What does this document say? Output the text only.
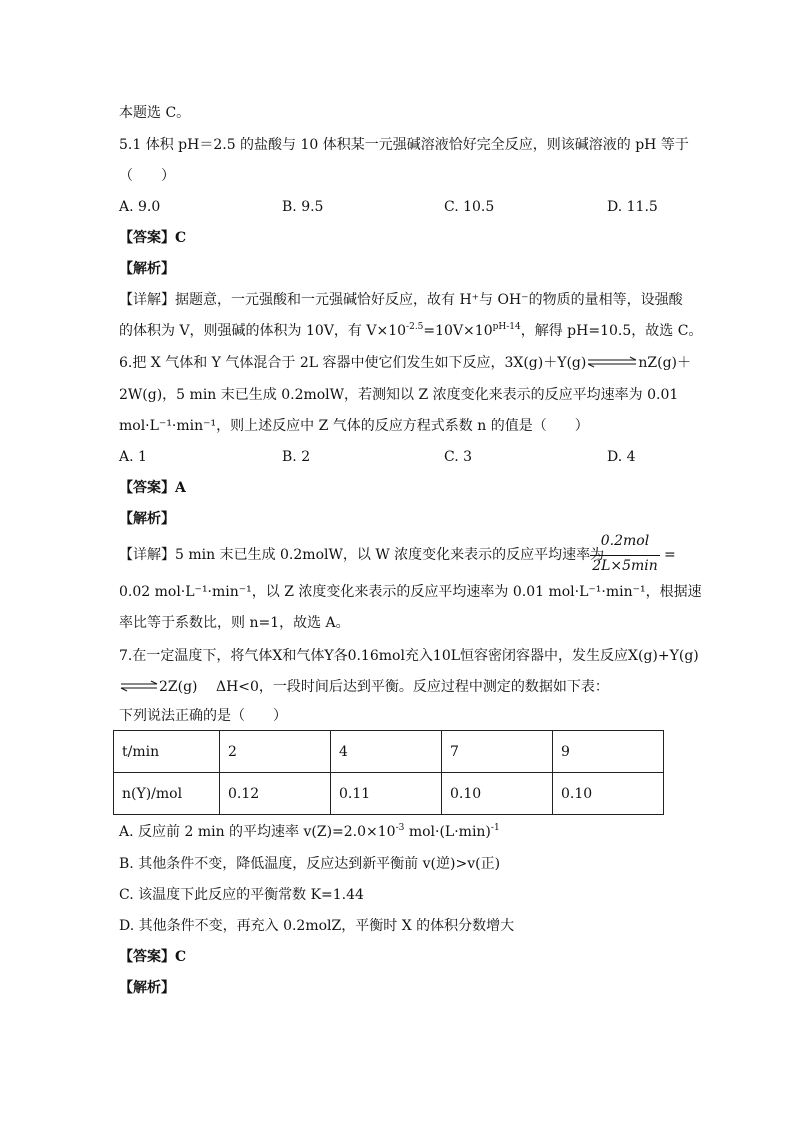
本题选 C。
5.1 体积 pH＝2.5 的盐酸与 10 体积某一元强碱溶液恰好完全反应，则该碱溶液的 pH 等于
（　　）
A. 9.0	B. 9.5	C. 10.5	D. 11.5
【答案】C
【解析】
【详解】据题意，一元强酸和一元强碱恰好反应，故有 H⁺与 OH⁻的物质的量相等，设强酸
的体积为 V，则强碱的体积为 10V，有 $V\times 10^{-2.5}=10V\times 10^{pH-14}$，解得 pH=10.5，故选 C。
6.把 X 气体和 Y 气体混合于 2L 容器中使它们发生如下反应，3X(g)＋Y(g)⇌nZ(g)＋
2W(g)，5 min 末已生成 0.2molW，若测知以 Z 浓度变化来表示的反应平均速率为 0.01
mol·L⁻¹·min⁻¹，则上述反应中 Z 气体的反应方程式系数 n 的值是（　　）
A. 1	B. 2	C. 3	D. 4
【答案】A
【解析】
【详解】5 min 末已生成 0.2molW，以 W 浓度变化来表示的反应平均速率为
0.2mol
2L×5min
=
0.02 mol·L⁻¹·min⁻¹，以 Z 浓度变化来表示的反应平均速率为 0.01 mol·L⁻¹·min⁻¹，根据速
率比等于系数比，则 n=1，故选 A。
7.在一定温度下，将气体X和气体Y各0.16mol充入10L恒容密闭容器中，发生反应X(g)+Y(g)
⇌2Z(g)　 ΔH<0，一段时间后达到平衡。反应过程中测定的数据如下表：
下列说法正确的是（　　）
t/min	2	4	7	9
n(Y)/mol	0.12	0.11	0.10	0.10
A. 反应前 2 min 的平均速率 $v(Z)=2.0\times 10^{-3}$ $mol\cdot(L\cdot\min)^{-1}$
B. 其他条件不变，降低温度，反应达到新平衡前 v(逆)>v(正)
C. 该温度下此反应的平衡常数 K=1.44
D. 其他条件不变，再充入 0.2molZ，平衡时 X 的体积分数增大
【答案】C
【解析】
